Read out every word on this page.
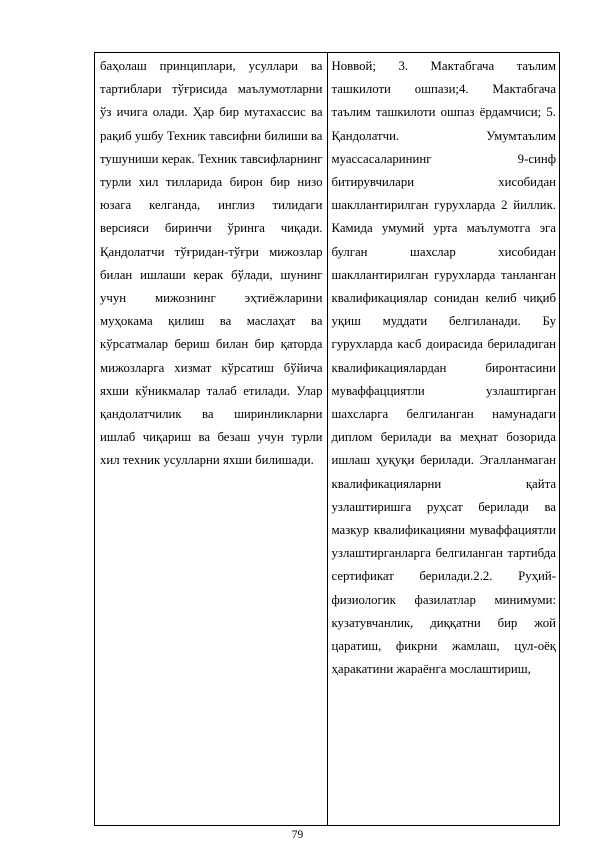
баҳолаш принциплари, усуллари ва тартиблари тўғрисида маълумотларни ўз ичига олади. Ҳар бир мутахассис ва рақиб ушбу Техник тавсифни билиши ва тушуниши керак. Техник тавсифларнинг турли хил тилларида бирон бир низо юзага келганда, инглиз тилидаги версияси биринчи ўринга чиқади. Қандолатчи тўғридан-тўғри мижозлар билан ишлаши керак бўлади, шунинг учун мижознинг эҳтиёжларини муҳокама қилиш ва маслаҳат ва кўрсатмалар бериш билан бир қаторда мижозларга хизмат кўрсатиш бўйича яхши кўникмалар талаб етилади. Улар қандолатчилик ва ширинликларни ишлаб чиқариш ва безаш учун турли хил техник усулларни яхши билишади.

Новвой; 3. Мактабгача таълим ташкилоти ошпази;4. Мактабгача таълим ташкилоти ошпаз ёрдамчиси; 5. Қандолатчи. Умумтаълим муассасаларининг 9-синф битирувчилари хисобидан шакллантирилган гурухларда 2 йиллик. Камида умумий урта маълумотга эга булган шахслар хисобидан шакллантирилган гурухларда танланган квалификациялар сонидан келиб чиқиб уқиш муддати белгиланади. Бу гурухларда касб доирасида бериладиган квалификациялардан биронтасини муваффацциятли узлаштирган шахсларга белгиланган намунадаги диплом берилади ва меҳнат бозорида ишлаш ҳуқуқи берилади. Эгалланмаган квалификацияларни қайта узлаштиришга руҳсат берилади ва мазкур квалификацияни муваффациятли узлаштирганларга белгиланган тартибда сертификат берилади.2.2. Руҳий-физиологик фазилатлар минимуми: кузатувчанлик, диққатни бир жой царатиш, фикрни жамлаш, цул-оёқ ҳаракатини жараёнга мослаштириш,

79
